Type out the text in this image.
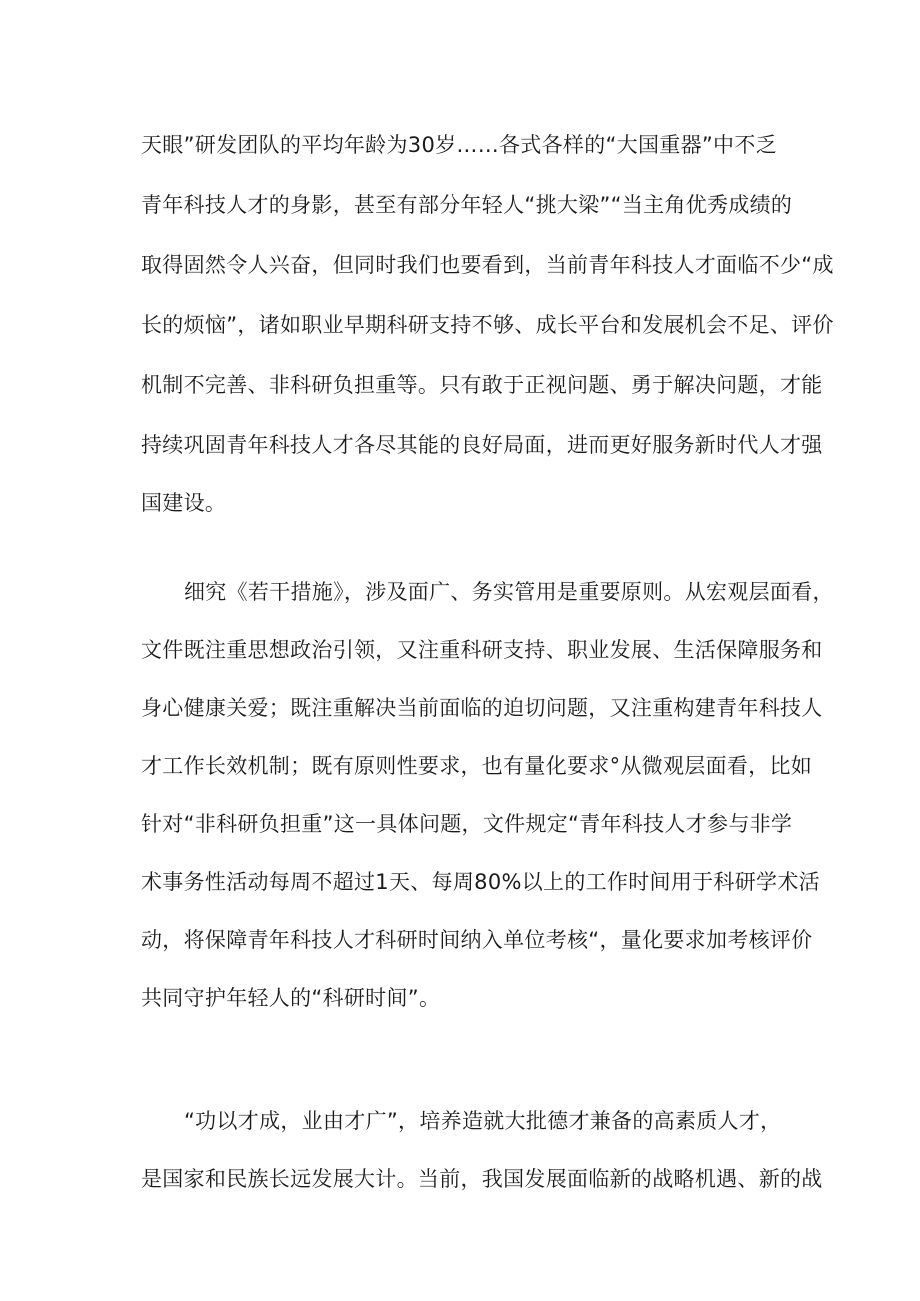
天眼”研发团队的平均年龄为30岁……各式各样的“大国重器”中不乏
青年科技人才的身影，甚至有部分年轻人“挑大梁”“当主角优秀成绩的
取得固然令人兴奋，但同时我们也要看到，当前青年科技人才面临不少“成
长的烦恼”，诸如职业早期科研支持不够、成长平台和发展机会不足、评价
机制不完善、非科研负担重等。只有敢于正视问题、勇于解决问题，才能
持续巩固青年科技人才各尽其能的良好局面，进而更好服务新时代人才强
国建设。
细究《若干措施》，涉及面广、务实管用是重要原则。从宏观层面看，
文件既注重思想政治引领，又注重科研支持、职业发展、生活保障服务和
身心健康关爱；既注重解决当前面临的迫切问题，又注重构建青年科技人
才工作长效机制；既有原则性要求，也有量化要求°从微观层面看，比如
针对“非科研负担重”这一具体问题，文件规定“青年科技人才参与非学
术事务性活动每周不超过1天、每周80%以上的工作时间用于科研学术活
动，将保障青年科技人才科研时间纳入单位考核“，量化要求加考核评价
共同守护年轻人的“科研时间”。
“功以才成，业由才广”，培养造就大批德才兼备的高素质人才，
是国家和民族长远发展大计。当前，我国发展面临新的战略机遇、新的战
